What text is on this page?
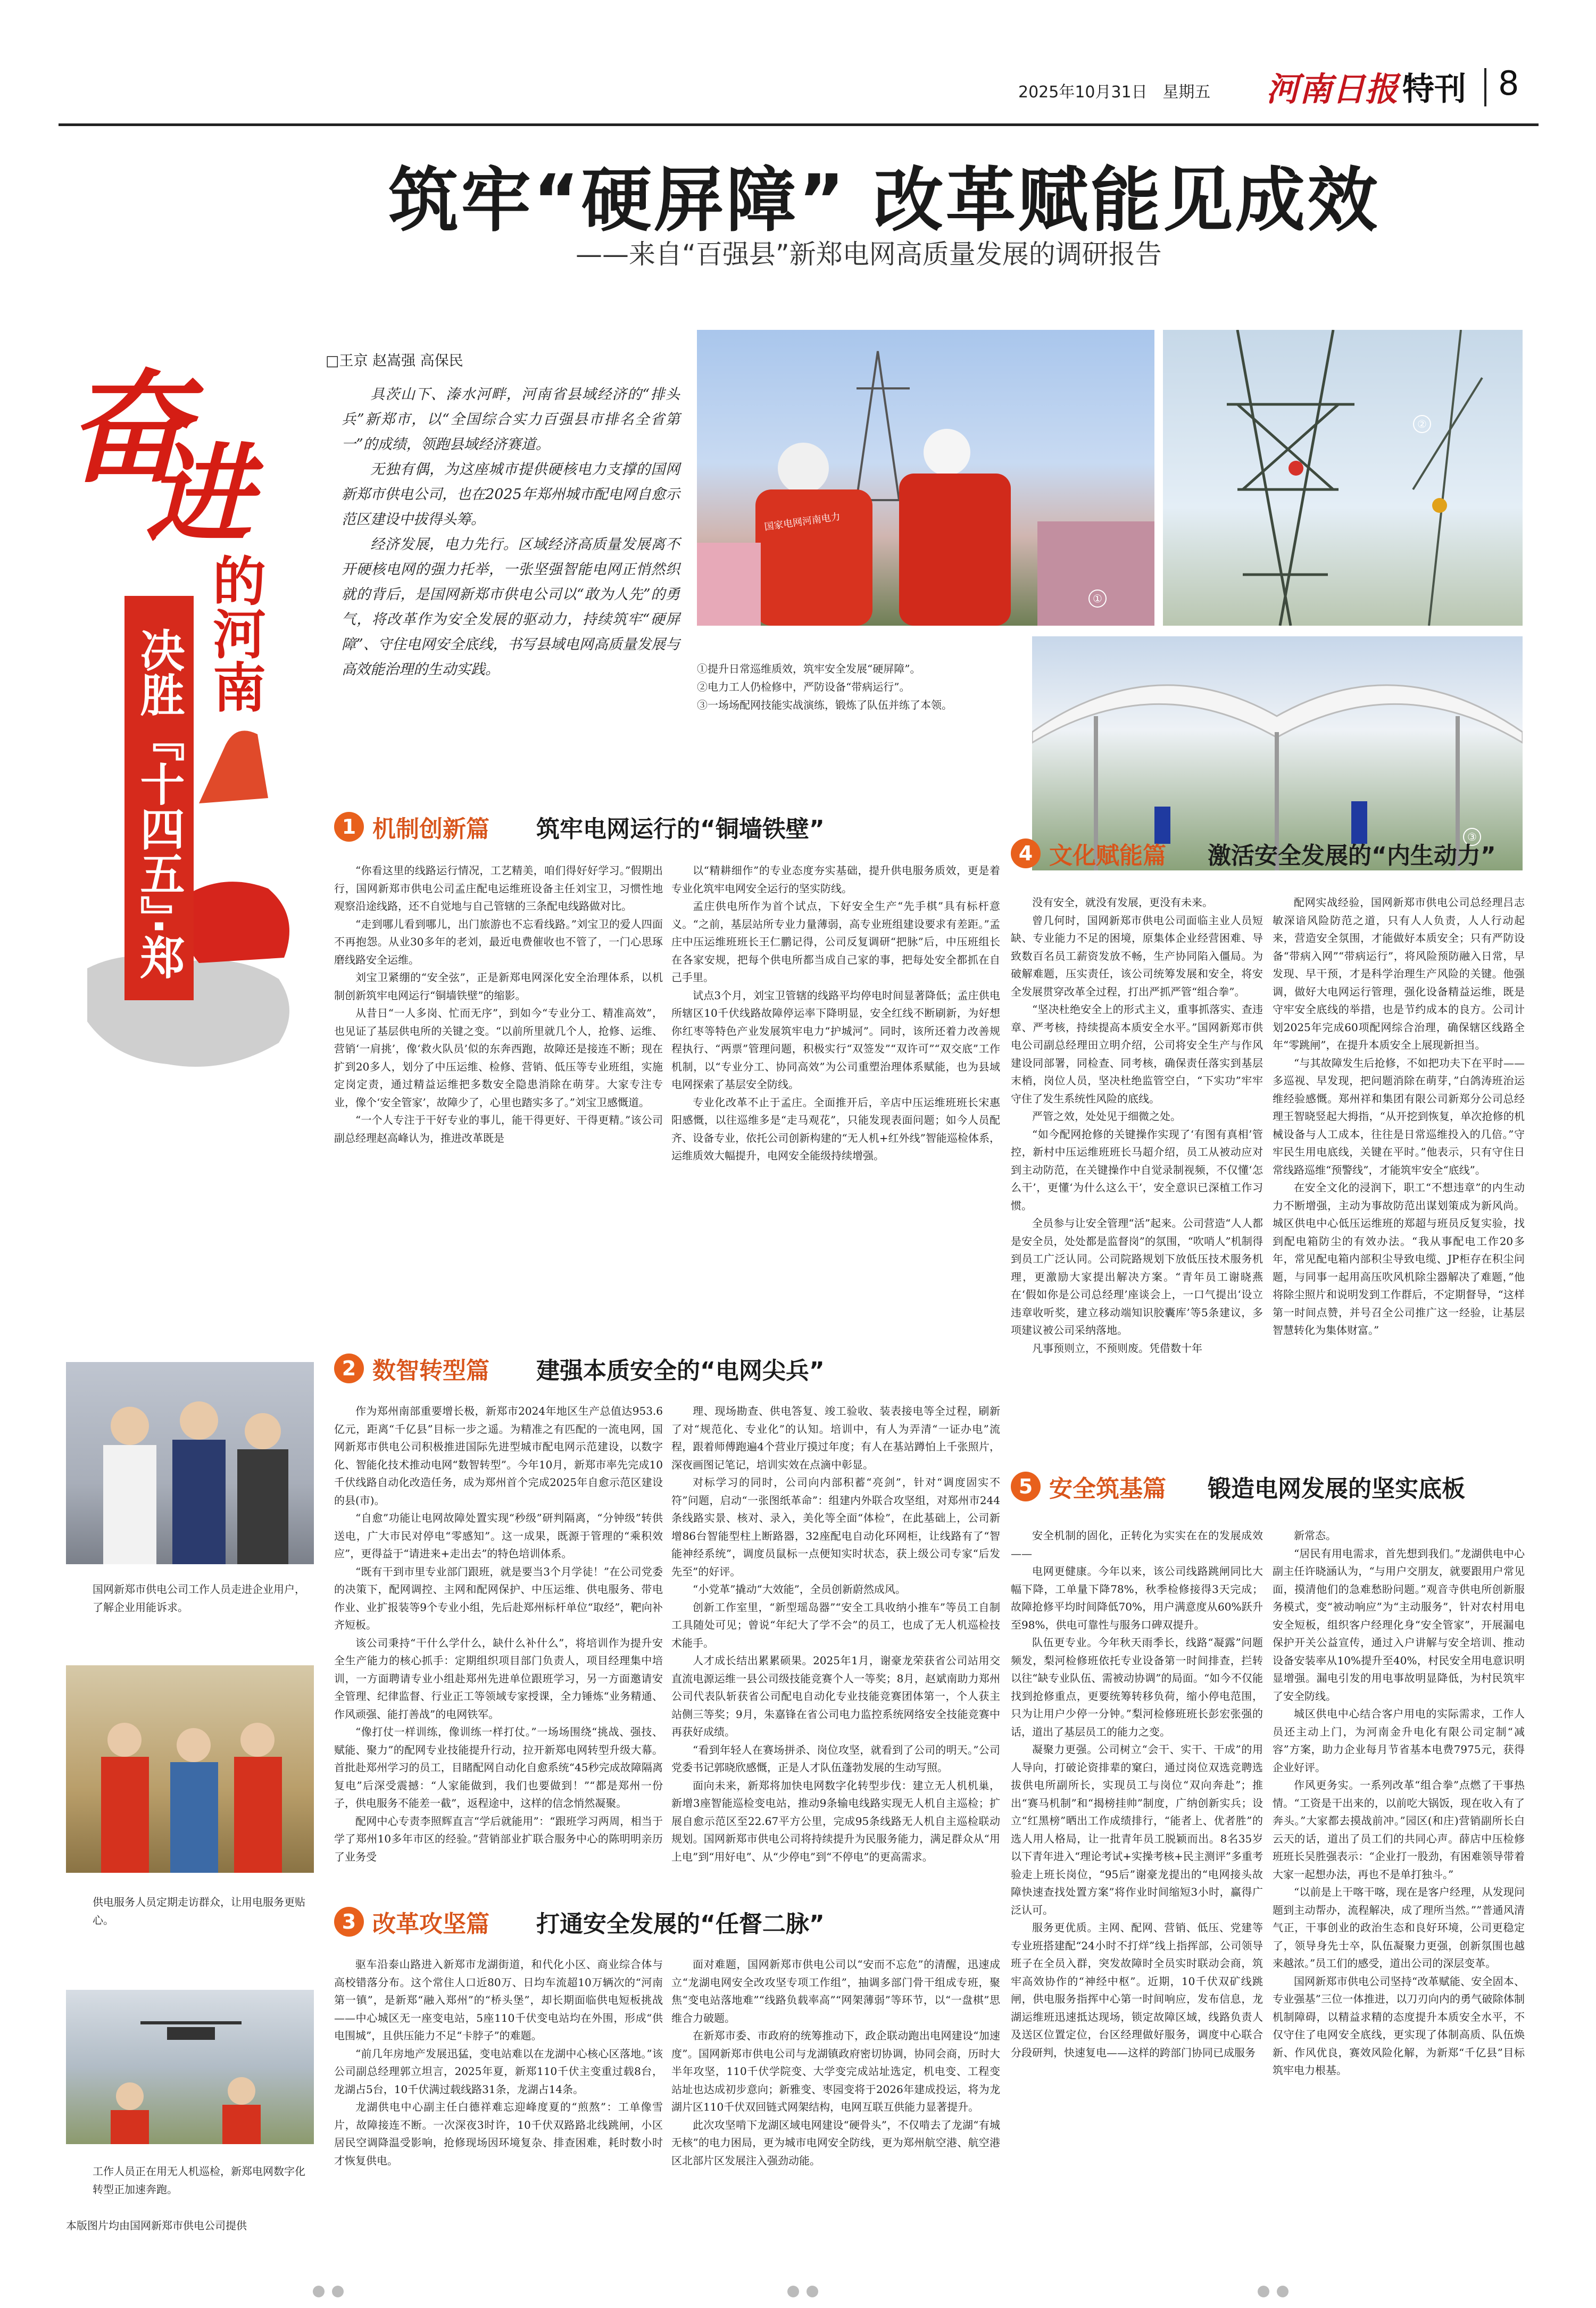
2025年10月31日 星期五 河南日报 特刊 8
筑牢“硬屏障” 改革赋能见成效
——来自“百强县”新郑电网高质量发展的调研报告
奋
进
的河南
决胜『十四五』·郑州篇
□王京 赵嵩强 高保民

具茨山下、溱水河畔，河南省县域经济的“排头兵”新郑市，以“全国综合实力百强县市排名全省第一”的成绩，领跑县域经济赛道。

无独有偶，为这座城市提供硬核电力支撑的国网新郑市供电公司，也在2025年郑州城市配电网自愈示范区建设中拔得头筹。

经济发展，电力先行。区域经济高质量发展离不开硬核电网的强力托举，一张坚强智能电网正悄然织就的背后，是国网新郑市供电公司以“敢为人先”的勇气，将改革作为安全发展的驱动力，持续筑牢“硬屏障”、守住电网安全底线，书写县域电网高质量发展与高效能治理的生动实践。

国家电网河南电力
①
②
③
①提升日常巡维质效，筑牢安全发展“硬屏障”。
②电力工人仍检修中，严防设备“带病运行”。
③一场场配网技能实战演练，锻炼了队伍并练了本领。
1 机制创新篇 筑牢电网运行的“铜墙铁壁”

“你看这里的线路运行情况，工艺精美，咱们得好好学习。”假期出行，国网新郑市供电公司孟庄配电运维班设备主任刘宝卫，习惯性地观察沿途线路，还不自觉地与自己管辖的三条配电线路做对比。

“走到哪儿看到哪儿，出门旅游也不忘看线路。”刘宝卫的爱人四面不再抱怨。从业30多年的老刘，最近电费催收也不管了，一门心思琢磨线路安全运维。

刘宝卫紧绷的“安全弦”，正是新郑电网深化安全治理体系，以机制创新筑牢电网运行“铜墙铁壁”的缩影。

从昔日“一人多岗、忙而无序”，到如今“专业分工、精准高效”，也见证了基层供电所的关键之变。“以前所里就几个人，抢修、运维、营销‘一肩挑’，像‘救火队员’似的东奔西跑，故障还是接连不断；现在扩到20多人，划分了中压运维、检修、营销、低压等专业班组，实施定岗定责，通过精益运维把多数安全隐患消除在萌芽。大家专注专业，像个‘安全管家’，故障少了，心里也踏实多了。”刘宝卫感慨道。

“一个人专注于干好专业的事儿，能干得更好、干得更精。”该公司副总经理赵高峰认为，推进改革既是

以“精耕细作”的专业态度夯实基础，提升供电服务质效，更是着专业化筑牢电网安全运行的坚实防线。

孟庄供电所作为首个试点，下好安全生产“先手棋”具有标杆意义。“之前，基层站所专业力量薄弱，高专业班组建设要求有差距。”孟庄中压运维班班长王仁鹏记得，公司反复调研“把脉”后，中压班组长在各家安规，把每个供电所都当成自己家的事，把每处安全都抓在自己手里。

试点3个月，刘宝卫管辖的线路平均停电时间显著降低；孟庄供电所辖区10千伏线路故障停运率下降明显，安全红线不断刷新，为好想你红枣等特色产业发展筑牢电力“护城河”。同时，该所还着力改善规程执行、“两票”管理问题，积极实行“双签发”“双许可”“双交底”工作机制，以“专业分工、协同高效”为公司重塑治理体系赋能，也为县域电网探索了基层安全防线。

专业化改革不止于孟庄。全面推开后，辛店中压运维班班长宋惠阳感慨，以往巡维多是“走马观花”，只能发现表面问题；如今人员配齐、设备专业，依托公司创新构建的“无人机+红外线”智能巡检体系，运维质效大幅提升，电网安全能级持续增强。

4 文化赋能篇 激活安全发展的“内生动力”

没有安全，就没有发展，更没有未来。

曾几何时，国网新郑市供电公司面临主业人员短缺、专业能力不足的困境，原集体企业经营困难、导致数百名员工薪资发放不畅，生产协同陷入僵局。为破解难题，压实责任，该公司统筹发展和安全，将安全发展贯穿改革全过程，打出严抓严管“组合拳”。

“坚决杜绝安全上的形式主义，重事抓落实、查违章、严考核，持续提高本质安全水平。”国网新郑市供电公司副总经理田立明介绍，公司将安全生产与作风建设同部署，同检查、同考核，确保责任落实到基层末梢，岗位人员，坚决杜绝监管空白，“下实功”牢牢守住了发生系统性风险的底线。

严管之效，处处见于细微之处。

“如今配网抢修的关键操作实现了‘有图有真相’管控，新村中压运维班班长马超介绍，员工从被动应对到主动防范，在关键操作中自觉录制视频，不仅懂‘怎么干’，更懂‘为什么这么干’，安全意识已深植工作习惯。

全员参与让安全管理“活”起来。公司营造“人人都是安全员，处处都是监督岗”的氛围，“吹哨人”机制得到员工广泛认同。公司院路规划下放低压技术服务机理，更激励大家提出解决方案。“青年员工谢晓燕在‘假如你是公司总经理’座谈会上，一口气提出‘设立违章收听奖，建立移动端知识胶囊库’等5条建议，多项建议被公司采纳落地。

凡事预则立，不预则废。凭借数十年

配网实战经验，国网新郑市供电公司总经理吕志敏深谙风险防范之道，只有人人负责，人人行动起来，营造安全氛围，才能做好本质安全；只有严防设备“带病入网”“带病运行”，将风险预防融入日常，早发现、早干预，才是科学治理生产风险的关键。他强调，做好大电网运行管理，强化设备精益运维，既是守牢安全底线的举措，也是节约成本的良方。公司计划2025年完成60项配网综合治理，确保辖区线路全年“零跳闸”，在提升本质安全上展现新担当。

“与其故障发生后抢修，不如把功夫下在平时——多巡视、早发现，把问题消除在萌芽，”白鸽涛班治运维经验感慨。郑州祥和集团有限公司新郑分公司总经理王智晓竖起大拇指，“从开挖到恢复，单次抢修的机械设备与人工成本，往往是日常巡维投入的几倍。”守牢民生用电底线，关键在平时。”他表示，只有守住日常线路巡维“预警线”，才能筑牢安全“底线”。

在安全文化的浸润下，职工“不想违章”的内生动力不断增强，主动为事故防范出谋划策成为新风尚。城区供电中心低压运维班的郑超与班员反复实验，找到配电箱防尘的有效办法。“我从事配电工作20多年，常见配电箱内部积尘导致电缆、JP柜存在积尘问题，与同事一起用高压吹风机除尘器解决了难题，”他将除尘照片和说明发到工作群后，不定期督导，“这样第一时间点赞，并号召全公司推广这一经验，让基层智慧转化为集体财富。”

2 数智转型篇 建强本质安全的“电网尖兵”

作为郑州南部重要增长极，新郑市2024年地区生产总值达953.6亿元，距离“千亿县”目标一步之遥。为精准之有匹配的一流电网，国网新郑市供电公司积极推进国际先进型城市配电网示范建设，以数字化、智能化技术推动电网“数智转型”。今年10月，新郑市率先完成10千伏线路自动化改造任务，成为郑州首个完成2025年自愈示范区建设的县(市)。

“自愈”功能让电网故障处置实现“秒级”研判隔离，“分钟级”转供送电，广大市民对停电“零感知”。这一成果，既源于管理的“乘积效应”，更得益于“请进来+走出去”的特色培训体系。

“既有干到市里专业部门跟班，就是要当3个月学徒！”在公司党委的决策下，配网调控、主网和配网保护、中压运维、供电服务、带电作业、业扩报装等9个专业小组，先后赴郑州标杆单位“取经”，靶向补齐短板。

该公司秉持“干什么学什么，缺什么补什么”，将培训作为提升安全生产能力的核心抓手：定期组织项目部门负责人，项目经理集中培训，一方面聘请专业小组赴郑州先进单位跟班学习，另一方面邀请安全管理、纪律监督、行业正工等领域专家授课，全力锤炼“业务精通、作风顽强、能打善战”的电网铁军。

“像打仗一样训练，像训练一样打仗。”一场场围绕“挑战、强技、赋能、聚力”的配网专业技能提升行动，拉开新郑电网转型升级大幕。首批赴郑州学习的员工，目睹配网自动化自愈系统“45秒完成故障隔离复电”后深受震撼：“人家能做到，我们也要做到！”“都是郑州一份子，供电服务不能差一截”，返程途中，这样的信念悄然凝聚。

配网中心专责李照辉直言“学后就能用”：“跟班学习两周，相当于学了郑州10多年市区的经验。”营销部业扩联合服务中心的陈明明亲历了业务受

理、现场勘查、供电答复、竣工验收、装表接电等全过程，刷新了对“规范化、专业化”的认知。培训中，有人为弄清“一证办电”流程，跟着师傅跑遍4个营业厅摸过年度；有人在基站蹲怕上千张照片，深夜画图记笔记，培训实效在点滴中彰显。

对标学习的同时，公司向内部积蓄“亮剑”，针对“调度固实不符”问题，启动“一张图纸革命”：组建内外联合攻坚组，对郑州市244条线路实景、核对、录入，美化等全面“体检”，在此基础上，公司新增86台智能型柱上断路器，32座配电自动化环网柜，让线路有了“智能神经系统”，调度员鼠标一点便知实时状态，获上级公司专家“后发先至”的好评。

“小党革”撬动“大效能”，全员创新蔚然成风。

创新工作室里，“新型瑶岛器”“安全工具收纳小推车”等员工自制工具随处可见；曾说“年纪大了学不会”的员工，也成了无人机巡检技术能手。

人才成长结出累累硕果。2025年1月，谢豪龙荣获省公司站用交直流电源运维一县公司级技能竞赛个人一等奖；8月，赵斌南助力郑州公司代表队斩获省公司配电自动化专业技能竞赛团体第一，个人获主站侧三等奖；9月，朱嘉锋在省公司电力监控系统网络安全技能竞赛中再获好成绩。

“看到年轻人在赛场拼杀、岗位攻坚，就看到了公司的明天。”公司党委书记郭晓欣感慨，正是人才队伍蓬勃发展的生动写照。

面向未来，新郑将加快电网数字化转型步伐：建立无人机机巢，新增3座智能巡检变电站，推动9条输电线路实现无人机自主巡检；扩展自愈示范区至22.67平方公里，完成95条线路无人机自主巡检联动规划。国网新郑市供电公司将持续提升为民服务能力，满足群众从“用上电”到“用好电”、从“少停电”到“不停电”的更高需求。

5 安全筑基篇 锻造电网发展的坚实底板

安全机制的固化，正转化为实实在在的发展成效——

电网更健康。今年以来，该公司线路跳闸同比大幅下降，工单量下降78%，秋季检修接得3天完成；故障抢修平均时间降低70%，用户满意度从60%跃升至98%，供电可靠性与服务口碑双提升。

队伍更专业。今年秋天雨季长，线路“凝露”问题频发，梨河检修班依托专业设备第一时间排查，拦转以往“缺专业队伍、需被动协调”的局面。“如今不仅能找到抢修重点，更要统筹转移负荷，缩小停电范围，只为让用户少停一分钟。”梨河检修班班长彭宏张强的话，道出了基层员工的能力之变。

凝聚力更强。公司树立“会干、实干、干成”的用人导向，打破论资排辈的窠臼，通过岗位双选竞聘选拔供电所副所长，实现员工与岗位“双向奔赴”；推出“赛马机制”和“揭榜挂帅”制度，广纳创新实兵；设立“红黑榜”晒出工作成绩排行，“能者上、优者胜”的选人用人格局，让一批青年员工脱颖而出。8名35岁以下青年进入“理论考试+实操考核+民主测评”多重考验走上班长岗位，“95后”谢豪龙提出的“电网接头故障快速查找处置方案”将作业时间缩短3小时，赢得广泛认可。

服务更优质。主网、配网、营销、低压、党建等专业班搭建配“24小时不打烊”线上指挥部，公司领导班子在全员入群，突发故障时全员实时联动会商，筑牢高效协作的“神经中枢”。近期，10千伏双矿线跳闸，供电服务指挥中心第一时间响应，发布信息，龙湖运维班迅速抵达现场，锁定故障区域，线路负责人及送区位置定位，台区经理做好服务，调度中心联合分段研判，快速复电——这样的跨部门协同已成服务

新常态。

“居民有用电需求，首先想到我们。”龙湖供电中心副主任许晓涵认为，“与用户交朋友，就要跟用户常见面，摸清他们的急难愁盼问题。”观音寺供电所创新服务模式，变“被动响应”为“主动服务”，针对农村用电安全短板，组织客户经理化身“安全管家”，开展漏电保护开关公益宣传，通过入户讲解与安全培训、推动设备安装率从10%提升至40%，村民安全用电意识明显增强。漏电引发的用电事故明显降低，为村民筑牢了安全防线。

城区供电中心结合客户用电的实际需求，工作人员还主动上门，为河南金升电化有限公司定制“减容”方案，助力企业每月节省基本电费7975元，获得企业好评。

作风更务实。一系列改革“组合拳”点燃了干事热情。“工资是干出来的，以前吃大锅饭，现在收入有了奔头。”大家都去摸战前冲。”园区(和庄)营销副所长白云天的话，道出了员工们的共同心声。薛店中压检修班班长吴胜强表示：“企业打一股劲，有困难领导带着大家一起想办法，再也不是单打独斗。”

“以前是上干喀干喀，现在是客户经理，从发现问题到主动帮办，流程解决，成了理所当然。””普通风清气正，干事创业的政治生态和良好环境，公司更稳定了，领导身先士卒，队伍凝聚力更强，创新氛围也越来越浓。”员工们的感受，道出公司的深层变革。

国网新郑市供电公司坚持“改革赋能、安全固本、专业强基”三位一体推进，以刀刃向内的勇气破除体制机制障碍，以精益求精的态度提升本质安全水平，不仅守住了电网安全底线，更实现了体制高质、队伍焕新、作风优良，赛效风险化解，为新郑“千亿县”目标筑牢电力根基。

3 改革攻坚篇 打通安全发展的“任督二脉”

驱车沿泰山路进入新郑市龙湖街道，和代化小区、商业综合体与高校错落分布。这个常住人口近80万、日均车流超10万辆次的“河南第一镇”，是新郑“融入郑州”的“桥头堡”，却长期面临供电短板挑战——中心城区无一座变电站，5座110千伏变电站均在外围，形成“供电围城”，且供压能力不足“卡脖子”的难题。

“前几年房地产发展迅猛，变电站难以在龙湖中心核心区落地。”该公司副总经理郭立坦言，2025年夏，新郑110千伏主变重过载8台，龙湖占5台，10千伏满过载线路31条，龙湖占14条。

龙湖供电中心副主任白德祥难忘迎峰度夏的“煎熬”：工单像雪片，故障接连不断。一次深夜3时许，10千伏双路路北线跳闸，小区居民空调降温受影响，抢修现场因环境复杂、排查困难，耗时数小时才恢复供电。

面对难题，国网新郑市供电公司以“安而不忘危”的清醒，迅速成立“龙湖电网安全改攻坚专项工作组”，抽调多部门骨干组成专班，聚焦“变电站落地难”“线路负载率高”“网架薄弱”等环节，以“一盘棋”思维合力破题。

在新郑市委、市政府的统筹推动下，政企联动跑出电网建设“加速度”。国网新郑市供电公司与龙湖镇政府密切协调，协同会商，历时大半年攻坚，110千伏学院变、大学变完成站址选定，机电变、工程变站址也达成初步意向；新雅变、枣园变将于2026年建成投运，将为龙湖片区110千伏双回链式网架结构，电网互联互供能力显著提升。

此次攻坚啃下龙湖区域电网建设“硬骨头”，不仅啃去了龙湖“有城无核”的电力困局，更为城市电网安全防线，更为郑州航空港、航空港区北部片区发展注入强劲动能。

国网新郑市供电公司工作人员走进企业用户，了解企业用能诉求。
供电服务人员定期走访群众，让用电服务更贴心。
工作人员正在用无人机巡检，新郑电网数字化转型正加速奔跑。
本版图片均由国网新郑市供电公司提供
